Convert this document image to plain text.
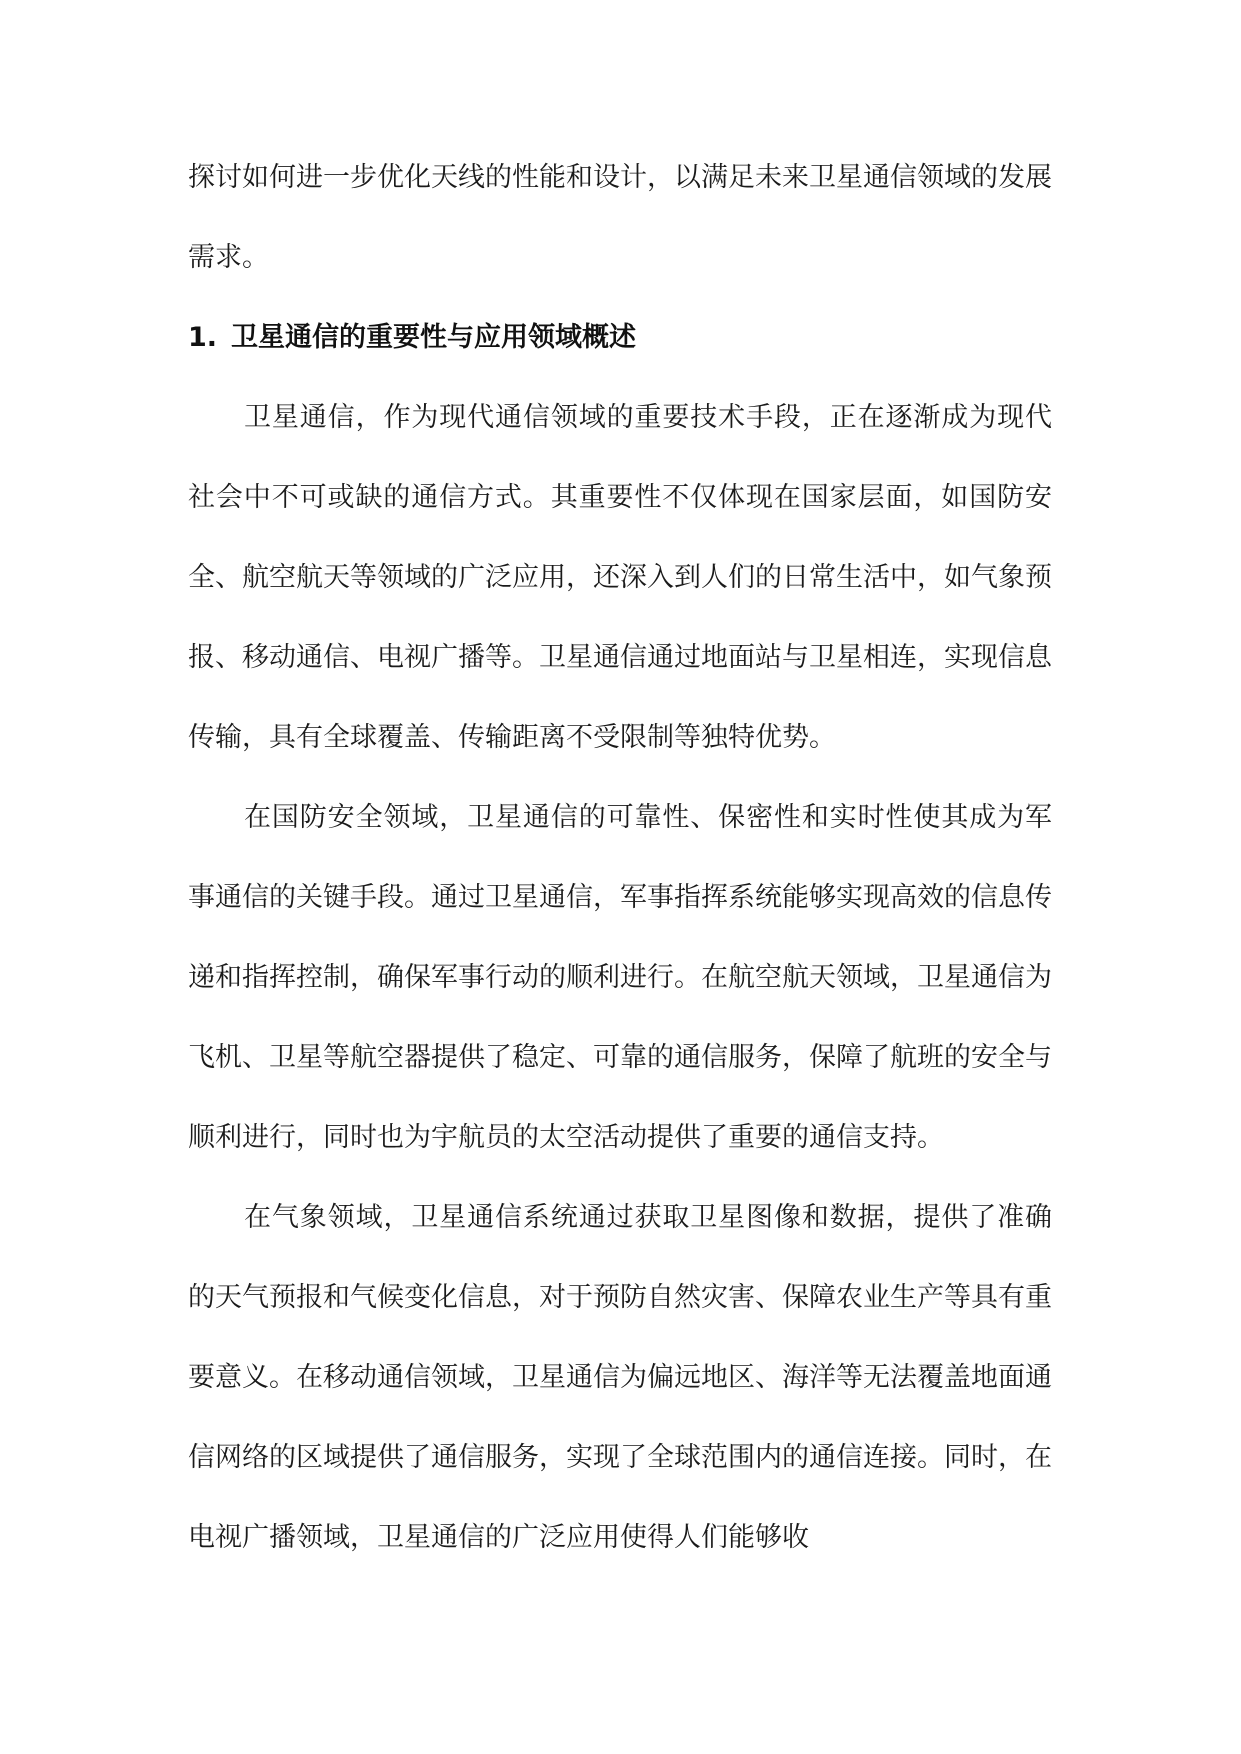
探讨如何进一步优化天线的性能和设计，以满足未来卫星通信领域的发展需求。

1. 卫星通信的重要性与应用领域概述

卫星通信，作为现代通信领域的重要技术手段，正在逐渐成为现代社会中不可或缺的通信方式。其重要性不仅体现在国家层面，如国防安全、航空航天等领域的广泛应用，还深入到人们的日常生活中，如气象预报、移动通信、电视广播等。卫星通信通过地面站与卫星相连，实现信息传输，具有全球覆盖、传输距离不受限制等独特优势。

在国防安全领域，卫星通信的可靠性、保密性和实时性使其成为军事通信的关键手段。通过卫星通信，军事指挥系统能够实现高效的信息传递和指挥控制，确保军事行动的顺利进行。在航空航天领域，卫星通信为飞机、卫星等航空器提供了稳定、可靠的通信服务，保障了航班的安全与顺利进行，同时也为宇航员的太空活动提供了重要的通信支持。

在气象领域，卫星通信系统通过获取卫星图像和数据，提供了准确的天气预报和气候变化信息，对于预防自然灾害、保障农业生产等具有重要意义。在移动通信领域，卫星通信为偏远地区、海洋等无法覆盖地面通信网络的区域提供了通信服务，实现了全球范围内的通信连接。同时，在电视广播领域，卫星通信的广泛应用使得人们能够收
